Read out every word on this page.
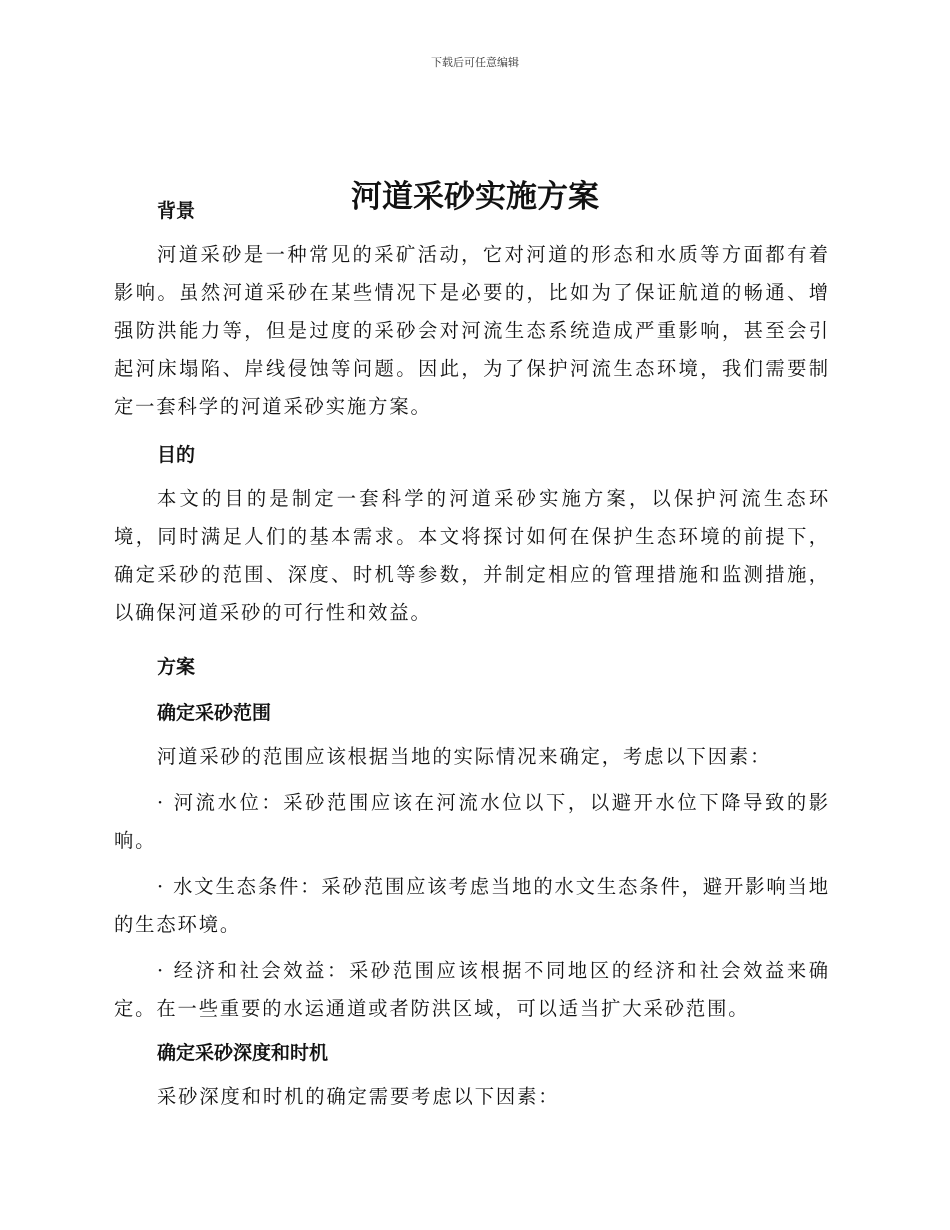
下载后可任意编辑
河道采砂实施方案
背景

河道采砂是一种常见的采矿活动，它对河道的形态和水质等方面都有着影响。虽然河道采砂在某些情况下是必要的，比如为了保证航道的畅通、增强防洪能力等，但是过度的采砂会对河流生态系统造成严重影响，甚至会引起河床塌陷、岸线侵蚀等问题。因此，为了保护河流生态环境，我们需要制定一套科学的河道采砂实施方案。

目的

本文的目的是制定一套科学的河道采砂实施方案，以保护河流生态环境，同时满足人们的基本需求。本文将探讨如何在保护生态环境的前提下，确定采砂的范围、深度、时机等参数，并制定相应的管理措施和监测措施，以确保河道采砂的可行性和效益。

方案
确定采砂范围

河道采砂的范围应该根据当地的实际情况来确定，考虑以下因素：

· 河流水位：采砂范围应该在河流水位以下，以避开水位下降导致的影响。

· 水文生态条件：采砂范围应该考虑当地的水文生态条件，避开影响当地的生态环境。

· 经济和社会效益：采砂范围应该根据不同地区的经济和社会效益来确定。在一些重要的水运通道或者防洪区域，可以适当扩大采砂范围。

确定采砂深度和时机

采砂深度和时机的确定需要考虑以下因素：
